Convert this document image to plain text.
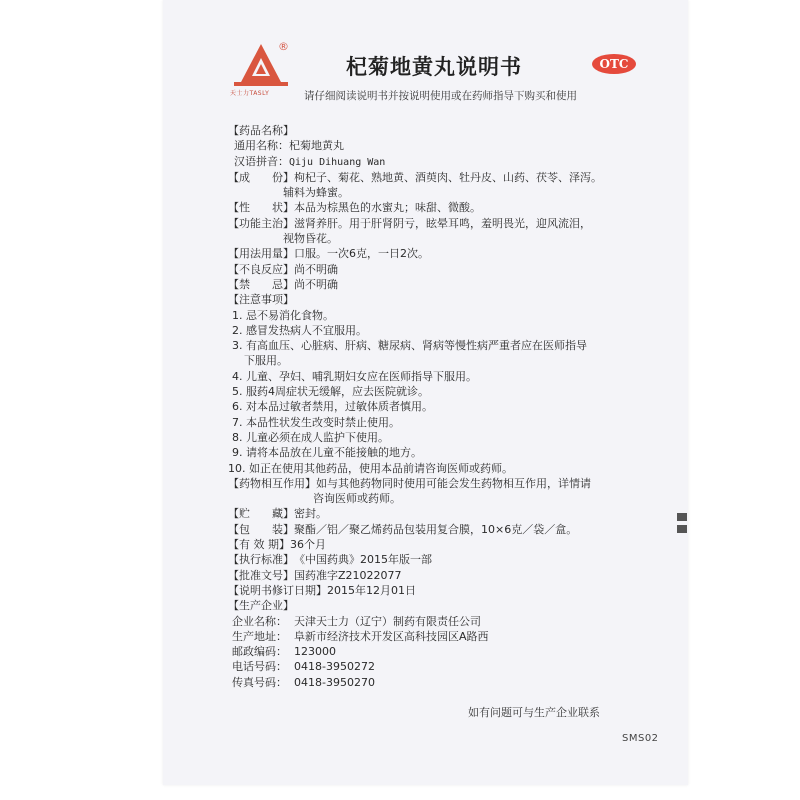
®
天士力TASLY
杞菊地黄丸说明书	OTC
请仔细阅读说明书并按说明使用或在药师指导下购买和使用
【药品名称】
通用名称：杞菊地黄丸
汉语拼音：Qiju Dihuang Wan
【成　　份】枸杞子、菊花、熟地黄、酒萸肉、牡丹皮、山药、茯苓、泽泻。
辅料为蜂蜜。
【性　　状】本品为棕黑色的水蜜丸；味甜、微酸。
【功能主治】滋肾养肝。用于肝肾阴亏，眩晕耳鸣，羞明畏光，迎风流泪，
视物昏花。
【用法用量】口服。一次6克，一日2次。
【不良反应】尚不明确
【禁　　忌】尚不明确
【注意事项】
1. 忌不易消化食物。
2. 感冒发热病人不宜服用。
3. 有高血压、心脏病、肝病、糖尿病、肾病等慢性病严重者应在医师指导
下服用。
4. 儿童、孕妇、哺乳期妇女应在医师指导下服用。
5. 服药4周症状无缓解，应去医院就诊。
6. 对本品过敏者禁用，过敏体质者慎用。
7. 本品性状发生改变时禁止使用。
8. 儿童必须在成人监护下使用。
9. 请将本品放在儿童不能接触的地方。
10. 如正在使用其他药品，使用本品前请咨询医师或药师。
【药物相互作用】如与其他药物同时使用可能会发生药物相互作用，详情请
咨询医师或药师。
【贮　　藏】密封。
【包　　装】聚酯／铝／聚乙烯药品包装用复合膜，10×6克／袋／盒。
【有 效 期】36个月
【执行标准】《中国药典》2015年版一部
【批准文号】国药准字Z21022077
【说明书修订日期】2015年12月01日
【生产企业】
企业名称： 天津天士力（辽宁）制药有限责任公司
生产地址： 阜新市经济技术开发区高科技园区A路西
邮政编码： 123000
电话号码： 0418-3950272
传真号码： 0418-3950270
如有问题可与生产企业联系
SMS02
